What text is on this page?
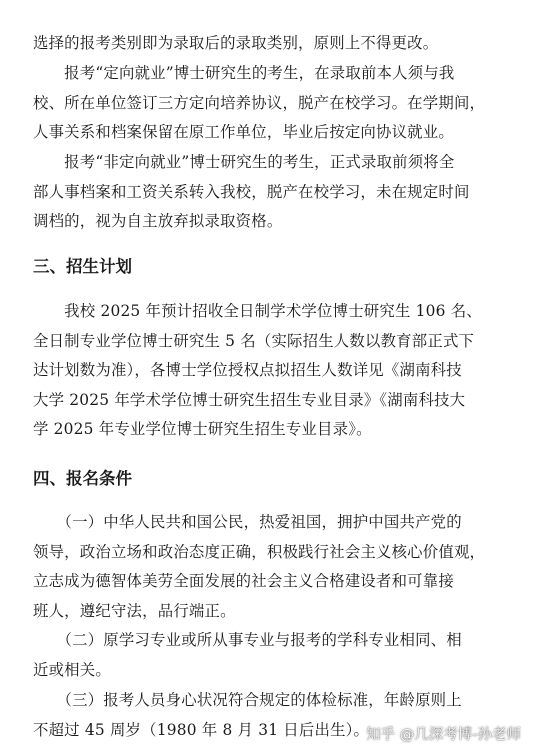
选择的报考类别即为录取后的录取类别，原则上不得更改。
　　报考“定向就业”博士研究生的考生，在录取前本人须与我
校、所在单位签订三方定向培养协议，脱产在校学习。在学期间，
人事关系和档案保留在原工作单位，毕业后按定向协议就业。
　　报考“非定向就业”博士研究生的考生，正式录取前须将全
部人事档案和工资关系转入我校，脱产在校学习，未在规定时间
调档的，视为自主放弃拟录取资格。
三、招生计划
　　我校 2025 年预计招收全日制学术学位博士研究生 106 名、
全日制专业学位博士研究生 5 名（实际招生人数以教育部正式下
达计划数为准），各博士学位授权点拟招生人数详见《湖南科技
大学 2025 年学术学位博士研究生招生专业目录》《湖南科技大
学 2025 年专业学位博士研究生招生专业目录》。
四、报名条件
　　（一）中华人民共和国公民，热爱祖国，拥护中国共产党的
领导，政治立场和政治态度正确，积极践行社会主义核心价值观，
立志成为德智体美劳全面发展的社会主义合格建设者和可靠接
班人，遵纪守法，品行端正。
　　（二）原学习专业或所从事专业与报考的学科专业相同、相
近或相关。
　　（三）报考人员身心状况符合规定的体检标准，年龄原则上
不超过 45 周岁（1980 年 8 月 31 日后出生）。
知乎 @几深考博-孙老师
